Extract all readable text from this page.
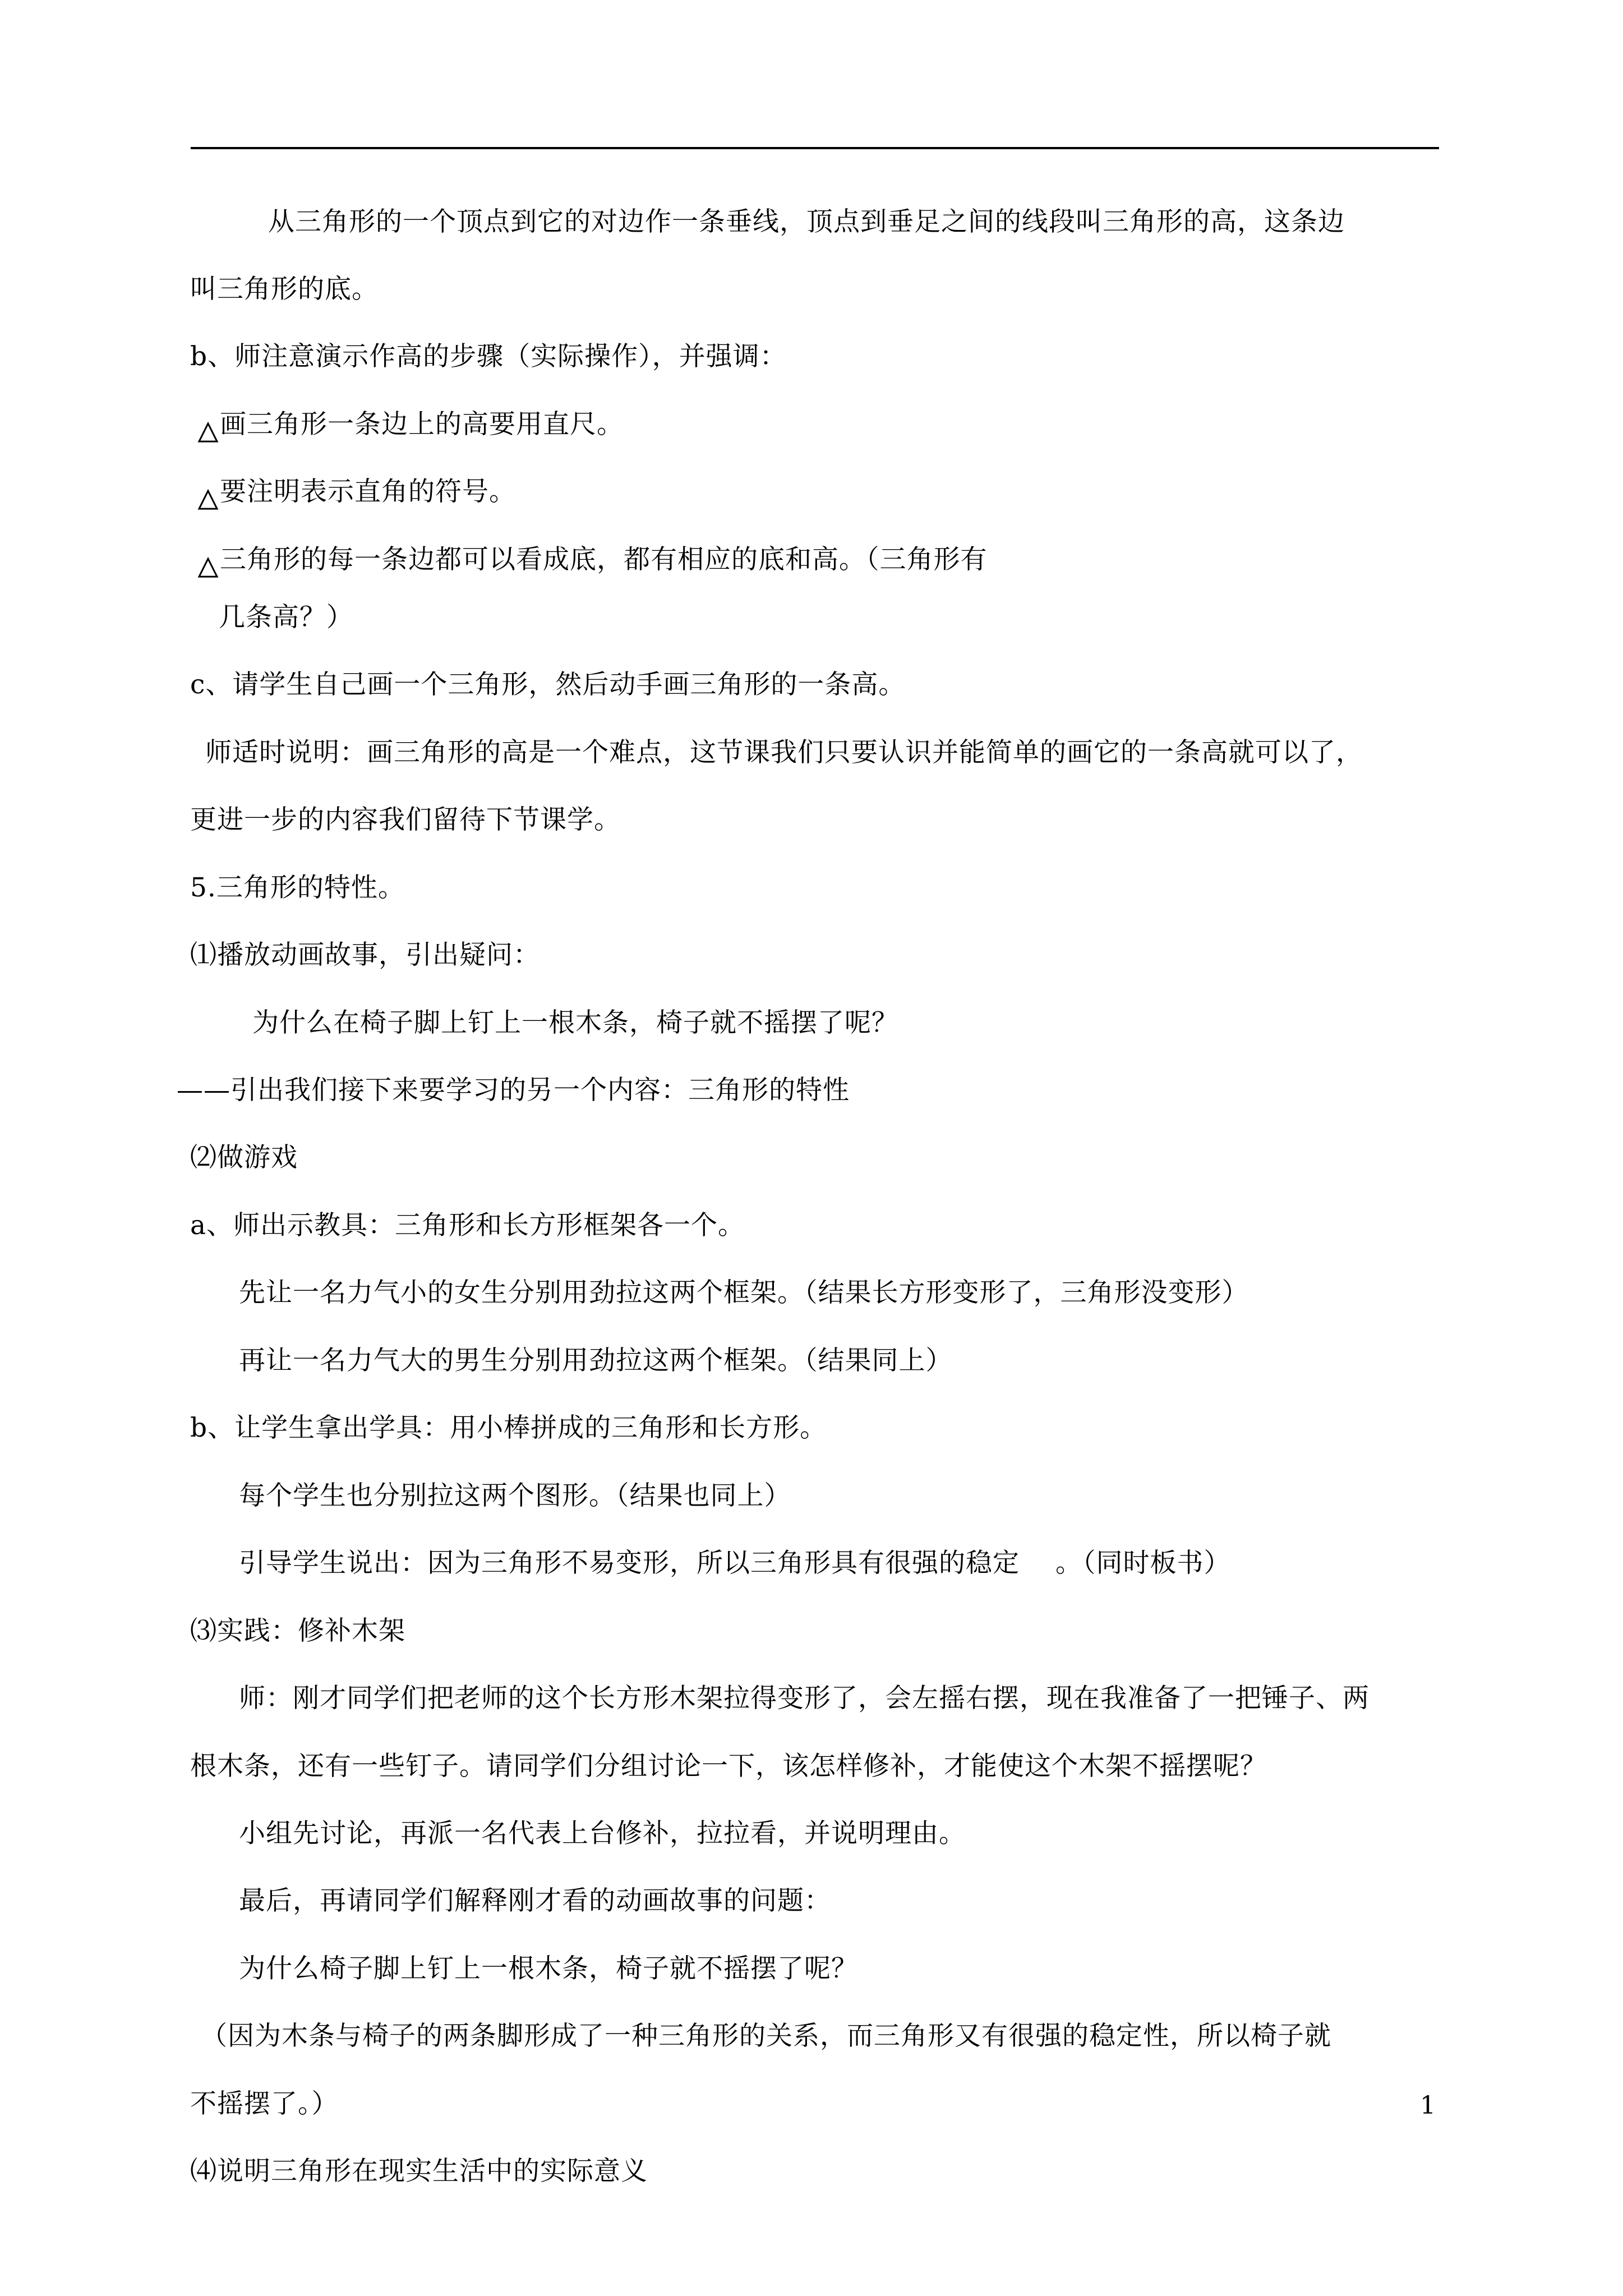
从三角形的一个顶点到它的对边作一条垂线，顶点到垂足之间的线段叫三角形的高，这条边
叫三角形的底。
b、师注意演示作高的步骤（实际操作），并强调：
画三角形一条边上的高要用直尺。
要注明表示直角的符号。
三角形的每一条边都可以看成底，都有相应的底和高。（三角形有
几条高？）
c、请学生自己画一个三角形，然后动手画三角形的一条高。
师适时说明：画三角形的高是一个难点，这节课我们只要认识并能简单的画它的一条高就可以了，
更进一步的内容我们留待下节课学。
5.三角形的特性。
⑴播放动画故事，引出疑问：
为什么在椅子脚上钉上一根木条，椅子就不摇摆了呢？
——引出我们接下来要学习的另一个内容：三角形的特性
⑵做游戏
a、师出示教具：三角形和长方形框架各一个。
先让一名力气小的女生分别用劲拉这两个框架。（结果长方形变形了，三角形没变形）
再让一名力气大的男生分别用劲拉这两个框架。（结果同上）
b、让学生拿出学具：用小棒拼成的三角形和长方形。
每个学生也分别拉这两个图形。（结果也同上）
引导学生说出：因为三角形不易变形，所以三角形具有很强的稳定　 。（同时板书）
⑶实践：修补木架
师：刚才同学们把老师的这个长方形木架拉得变形了，会左摇右摆，现在我准备了一把锤子、两
根木条，还有一些钉子。请同学们分组讨论一下，该怎样修补，才能使这个木架不摇摆呢？
小组先讨论，再派一名代表上台修补，拉拉看，并说明理由。
最后，再请同学们解释刚才看的动画故事的问题：
为什么椅子脚上钉上一根木条，椅子就不摇摆了呢？
（因为木条与椅子的两条脚形成了一种三角形的关系，而三角形又有很强的稳定性，所以椅子就
不摇摆了。）
⑷说明三角形在现实生活中的实际意义
1
